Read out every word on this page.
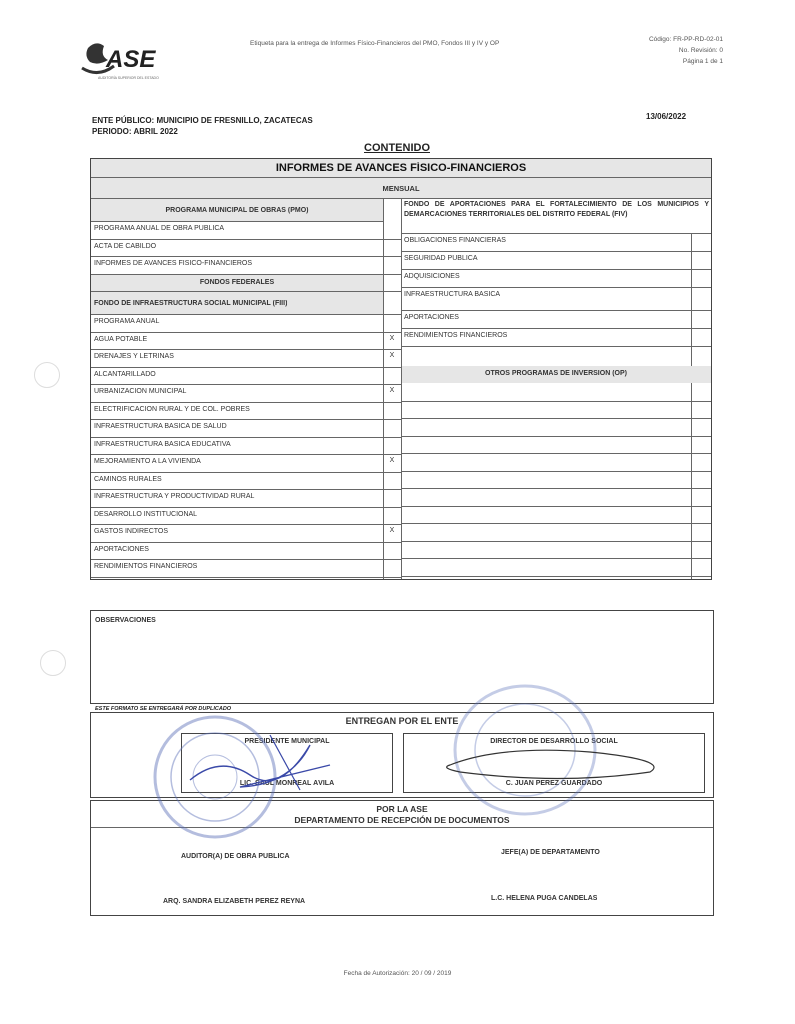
ASE
AUDITORÍA SUPERIOR DEL ESTADO
Etiqueta para la entrega de Informes Físico-Financieros del PMO, Fondos III y IV y OP
Código: FR-PP-RD-02-01
No. Revisión: 0
Página 1 de 1
ENTE PÚBLICO: MUNICIPIO DE FRESNILLO, ZACATECAS
PERIODO: ABRIL 2022
13/06/2022
CONTENIDO
INFORMES DE AVANCES FÍSICO-FINANCIEROS
MENSUAL
PROGRAMA MUNICIPAL DE OBRAS (PMO)
FONDO DE APORTACIONES PARA EL FORTALECIMIENTO DE LOS MUNICIPIOS Y DEMARCACIONES TERRITORIALES DEL DISTRITO FEDERAL (FIV)
PROGRAMA ANUAL DE OBRA PÚBLICA
ACTA DE CABILDO
INFORMES DE AVANCES FISICO-FINANCIEROS
FONDOS FEDERALES
FONDO DE INFRAESTRUCTURA SOCIAL MUNICIPAL (FIII)
PROGRAMA ANUAL
AGUA POTABLE	X
DRENAJES Y LETRINAS	X
ALCANTARILLADO
URBANIZACION MUNICIPAL	X
ELECTRIFICACION RURAL Y DE COL. POBRES
INFRAESTRUCTURA BASICA DE SALUD
INFRAESTRUCTURA BASICA EDUCATIVA
MEJORAMIENTO A LA VIVIENDA	X
CAMINOS RURALES
INFRAESTRUCTURA Y PRODUCTIVIDAD RURAL
DESARROLLO INSTITUCIONAL
GASTOS INDIRECTOS	X
APORTACIONES
RENDIMIENTOS FINANCIEROS
OBLIGACIONES FINANCIERAS
SEGURIDAD PUBLICA
ADQUISICIONES
INFRAESTRUCTURA BASICA
APORTACIONES
RENDIMIENTOS FINANCIEROS
OTROS PROGRAMAS DE INVERSIÓN (OP)
OBSERVACIONES
ESTE FORMATO SE ENTREGARÁ POR DUPLICADO
ENTREGAN POR EL ENTE
PRESIDENTE MUNICIPAL
LIC. SAÚL MONREAL ÁVILA
DIRECTOR DE DESARROLLO SOCIAL
C. JUAN PÉREZ GUARDADO
POR LA ASE
DEPARTAMENTO DE RECEPCIÓN DE DOCUMENTOS
AUDITOR(A) DE OBRA PÚBLICA
JEFE(A) DE DEPARTAMENTO
ARQ. SANDRA ELIZABETH PEREZ REYNA	L.C. HELENA PUGA CANDELAS
Fecha de Autorización: 20 / 09 / 2019
